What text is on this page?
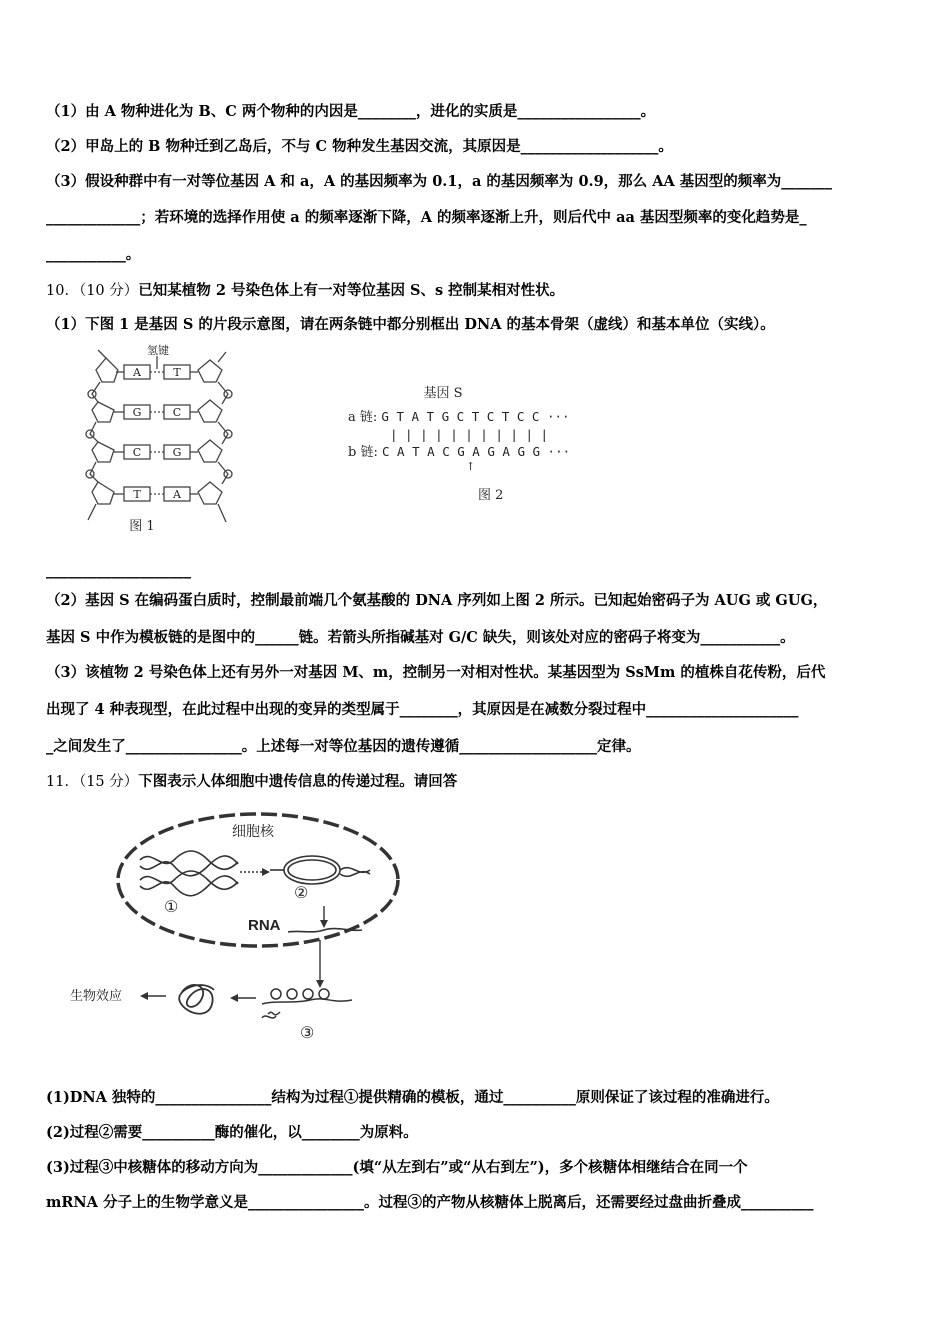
（1）由 A 物种进化为 B、C 两个物种的内因是________，进化的实质是_________________。
（2）甲岛上的 B 物种迁到乙岛后，不与 C 物种发生基因交流，其原因是___________________。
（3）假设种群中有一对等位基因 A 和 a，A 的基因频率为 0.1，a 的基因频率为 0.9，那么 AA 基因型的频率为_______
_____________；若环境的选择作用使 a 的频率逐渐下降，A 的频率逐渐上升，则后代中 aa 基因型频率的变化趋势是_
___________。
10．（10 分）已知某植物 2 号染色体上有一对等位基因 S、s 控制某相对性状。
（1）下图 1 是基因 S 的片段示意图，请在两条链中都分别框出 DNA 的基本骨架（虚线）和基本单位（实线）。
氢键
A	T
G	C
C	G
T	A
图 1
基因 S
a 链: G T A T G C T C T C C ···
| | | | | | | | | | |
b 链: C A T A C G A G A G G ···
↑
图 2
____________________
（2）基因 S 在编码蛋白质时，控制最前端几个氨基酸的 DNA 序列如上图 2 所示。已知起始密码子为 AUG 或 GUG，
基因 S 中作为模板链的是图中的______链。若箭头所指碱基对 G/C 缺失，则该处对应的密码子将变为___________。
（3）该植物 2 号染色体上还有另外一对基因 M、m，控制另一对相对性状。某基因型为 SsMm 的植株自花传粉，后代
出现了 4 种表现型，在此过程中出现的变异的类型属于________，其原因是在减数分裂过程中_____________________
_之间发生了________________。上述每一对等位基因的遗传遵循___________________定律。
11．（15 分）下图表示人体细胞中遗传信息的传递过程。请回答
细胞核
RNA
生物效应
①
②
③
(1)DNA 独特的________________结构为过程①提供精确的模板，通过__________原则保证了该过程的准确进行。
(2)过程②需要__________酶的催化，以________为原料。
(3)过程③中核糖体的移动方向为_____________(填“从左到右”或“从右到左”)，多个核糖体相继结合在同一个
mRNA 分子上的生物学意义是________________。过程③的产物从核糖体上脱离后，还需要经过盘曲折叠成__________
